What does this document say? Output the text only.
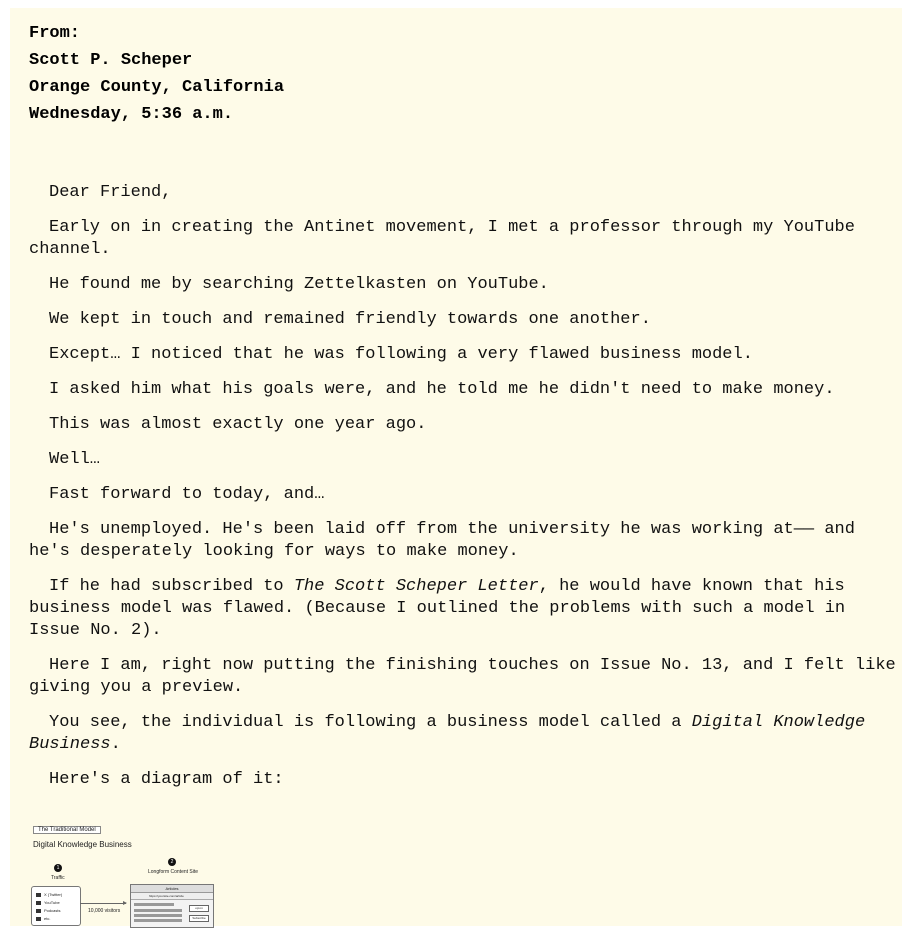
From:
Scott P. Scheper
Orange County, California
Wednesday, 5:36 a.m.

Dear Friend,

Early on in creating the Antinet movement, I met a professor through my YouTube channel.

He found me by searching Zettelkasten on YouTube.

We kept in touch and remained friendly towards one another.

Except… I noticed that he was following a very flawed business model.

I asked him what his goals were, and he told me he didn't need to make money.

This was almost exactly one year ago.

Well…

Fast forward to today, and…

He's unemployed. He's been laid off from the university he was working at—— and he's desperately looking for ways to make money.

If he had subscribed to The Scott Scheper Letter, he would have known that his business model was flawed. (Because I outlined the problems with such a model in Issue No. 2).

Here I am, right now putting the finishing touches on Issue No. 13, and I felt like giving you a preview.

You see, the individual is following a business model called a Digital Knowledge Business.

Here's a diagram of it:

The Traditional Model
Digital Knowledge Business
1
Traffic
2
Longform Content Site
X (Twitter)
YouTube
Podcasts
etc.
10,000 visitors
Articles
https://yoursite.com/article
opt-in
Subscribe
